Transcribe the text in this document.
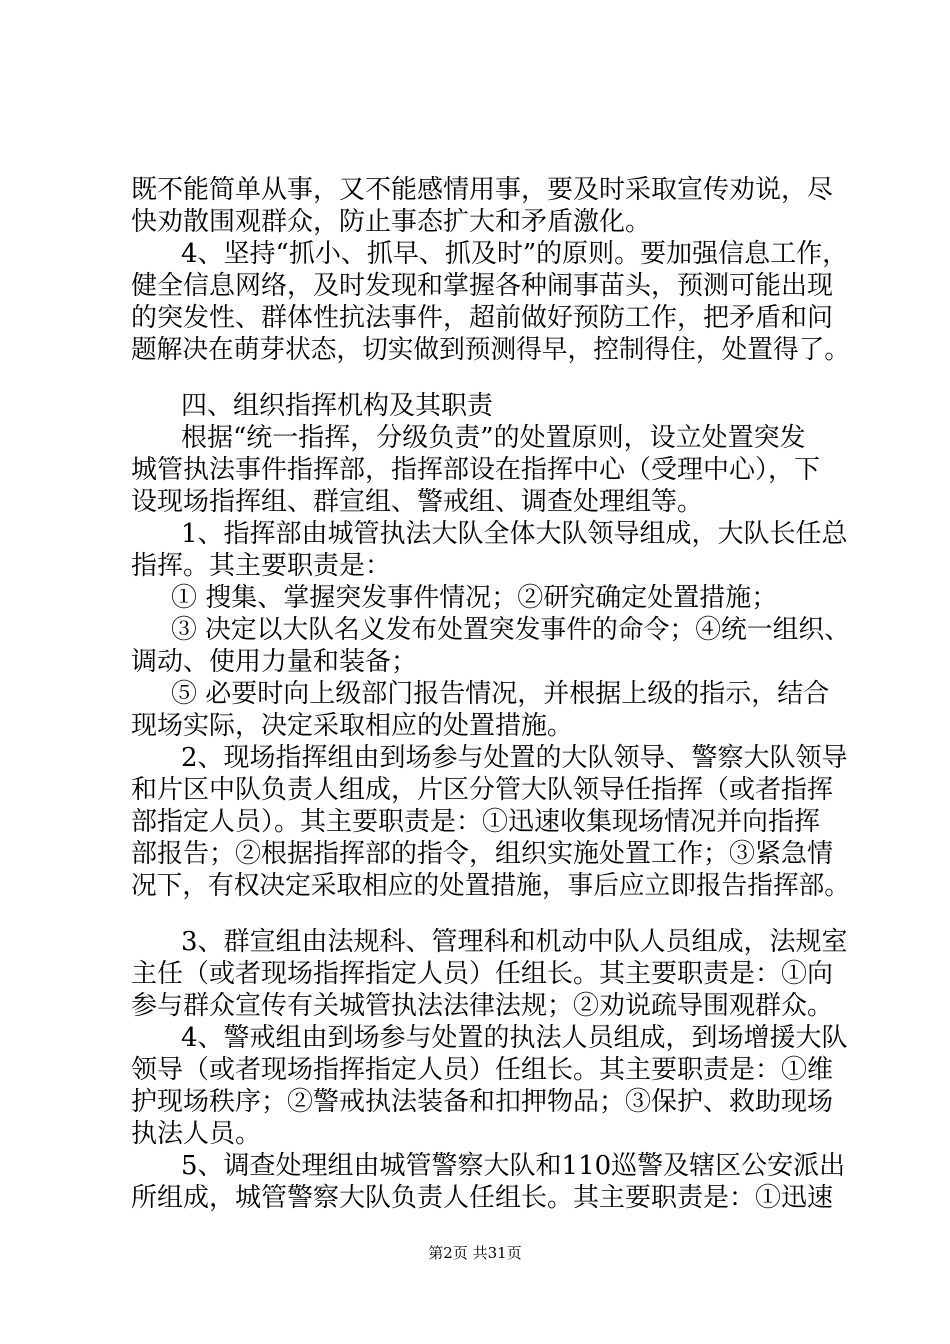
既不能简单从事，又不能感情用事，要及时采取宣传劝说，尽
快劝散围观群众，防止事态扩大和矛盾激化。
4、坚持“抓小、抓早、抓及时”的原则。要加强信息工作，
健全信息网络，及时发现和掌握各种闹事苗头，预测可能出现
的突发性、群体性抗法事件，超前做好预防工作，把矛盾和问
题解决在萌芽状态，切实做到预测得早，控制得住，处置得了。
四、组织指挥机构及其职责
根据“统一指挥，分级负责”的处置原则，设立处置突发
城管执法事件指挥部，指挥部设在指挥中心（受理中心），下
设现场指挥组、群宣组、警戒组、调查处理组等。
1、指挥部由城管执法大队全体大队领导组成，大队长任总
指挥。其主要职责是：
① 搜集、掌握突发事件情况；②研究确定处置措施；
③ 决定以大队名义发布处置突发事件的命令；④统一组织、
调动、使用力量和装备；
⑤ 必要时向上级部门报告情况，并根据上级的指示，结合
现场实际，决定采取相应的处置措施。
2、现场指挥组由到场参与处置的大队领导、警察大队领导
和片区中队负责人组成，片区分管大队领导任指挥（或者指挥
部指定人员）。其主要职责是：①迅速收集现场情况并向指挥
部报告；②根据指挥部的指令，组织实施处置工作；③紧急情
况下，有权决定采取相应的处置措施，事后应立即报告指挥部。
3、群宣组由法规科、管理科和机动中队人员组成，法规室
主任（或者现场指挥指定人员）任组长。其主要职责是：①向
参与群众宣传有关城管执法法律法规；②劝说疏导围观群众。
4、警戒组由到场参与处置的执法人员组成，到场增援大队
领导（或者现场指挥指定人员）任组长。其主要职责是：①维
护现场秩序；②警戒执法装备和扣押物品；③保护、救助现场
执法人员。
5、调查处理组由城管警察大队和110巡警及辖区公安派出
所组成，城管警察大队负责人任组长。其主要职责是：①迅速
第2页 共31页
